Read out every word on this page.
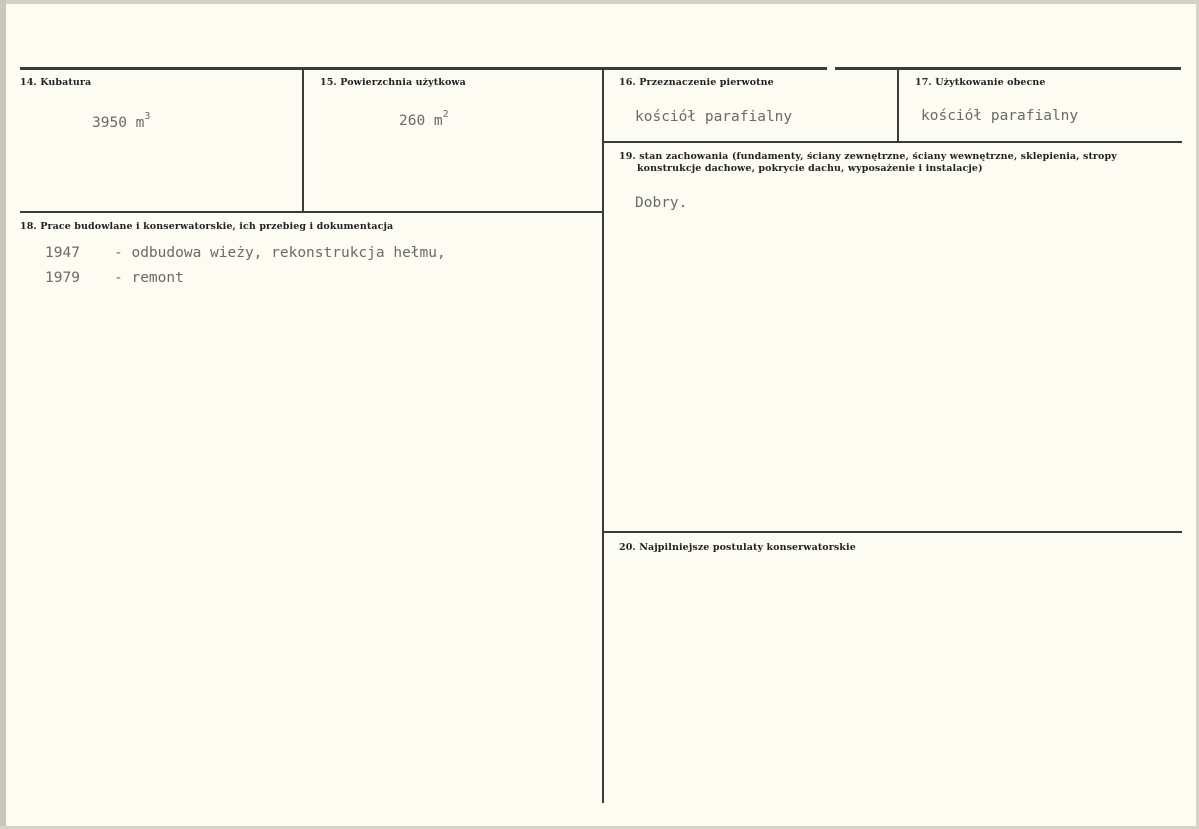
14. Kubatura
3950 $m^3$
15. Powierzchnia użytkowa
260 $m^2$
16. Przeznaczenie pierwotne
kościół parafialny
17. Użytkowanie obecne
kościół parafialny
18. Prace budowlane i konserwatorskie, ich przebieg i dokumentacja
1947 - odbudowa wieży, rekonstrukcja hełmu,
1979 - remont
19. stan zachowania (fundamenty, ściany zewnętrzne, ściany wewnętrzne, sklepienia, stropy
konstrukcje dachowe, pokrycie dachu, wyposażenie i instalacje)
Dobry.
20. Najpilniejsze postulaty konserwatorskie
